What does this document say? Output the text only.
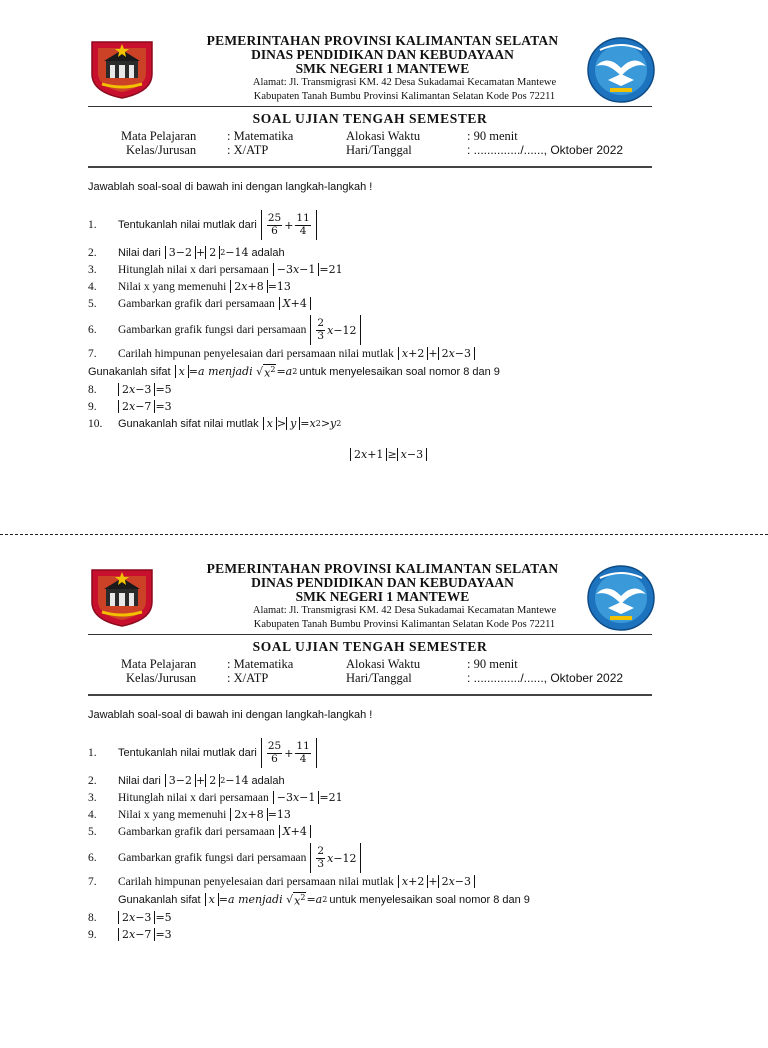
PEMERINTAHAN PROVINSI KALIMANTAN SELATAN
DINAS PENDIDIKAN DAN KEBUDAYAAN
SMK NEGERI 1 MANTEWE
Alamat: Jl. Transmigrasi KM. 42 Desa Sukadamai Kecamatan Mantewe
Kabupaten Tanah Bumbu Provinsi Kalimantan Selatan Kode Pos 72211
SOAL UJIAN TENGAH SEMESTER
Mata Pelajaran : Matematika	Alokasi Waktu	: 90 menit
Kelas/Jurusan : X/ATP	Hari/Tanggal	: ............../......, Oktober 2022
Jawablah soal-soal di bawah ini dengan langkah-langkah !
1.	Tentukanlah nilai mutlak dari $\frac{25}{6} + \frac{11}{4}$
2.	Nilai dari 3−2 + 2 2 −14 adalah
3.	Hitunglah nilai x dari persamaan −3 x −1 =21
4.	Nilai x yang memenuhi 2 x +8 =13
5.	Gambarkan grafik dari persamaan X +4
6.	Gambarkan grafik fungsi dari persamaan $\frac{2}{3}$ x −12
7.	Carilah himpunan penyelesaian dari persamaan nilai mutlak x +2 + 2 x −3
Gunakanlah sifat x = a
menjadi
√ $x^2 = a$ 2 untuk menyelesaikan soal nomor 8 dan 9
8.	2 x −3 =5
9.	2 x −7 =3
10.	Gunakanlah sifat nilai mutlak x > y = x 2 > y 2
2 x +1 ≥ x −3
PEMERINTAHAN PROVINSI KALIMANTAN SELATAN
DINAS PENDIDIKAN DAN KEBUDAYAAN
SMK NEGERI 1 MANTEWE
Alamat: Jl. Transmigrasi KM. 42 Desa Sukadamai Kecamatan Mantewe
Kabupaten Tanah Bumbu Provinsi Kalimantan Selatan Kode Pos 72211
SOAL UJIAN TENGAH SEMESTER
Mata Pelajaran : Matematika	Alokasi Waktu	: 90 menit
Kelas/Jurusan : X/ATP	Hari/Tanggal	: ............../......, Oktober 2022
Jawablah soal-soal di bawah ini dengan langkah-langkah !
1.	Tentukanlah nilai mutlak dari $\frac{25}{6} + \frac{11}{4}$
2.	Nilai dari 3−2 + 2 2 −14 adalah
3.	Hitunglah nilai x dari persamaan −3 x −1 =21
4.	Nilai x yang memenuhi 2 x +8 =13
5.	Gambarkan grafik dari persamaan X +4
6.	Gambarkan grafik fungsi dari persamaan $\frac{2}{3}$ x −12
7.	Carilah himpunan penyelesaian dari persamaan nilai mutlak x +2 + 2 x −3
Gunakanlah sifat x = a
menjadi
√ $x^2 = a$ 2 untuk menyelesaikan soal nomor 8 dan 9
8.	2 x −3 =5
9.	2 x −7 =3
